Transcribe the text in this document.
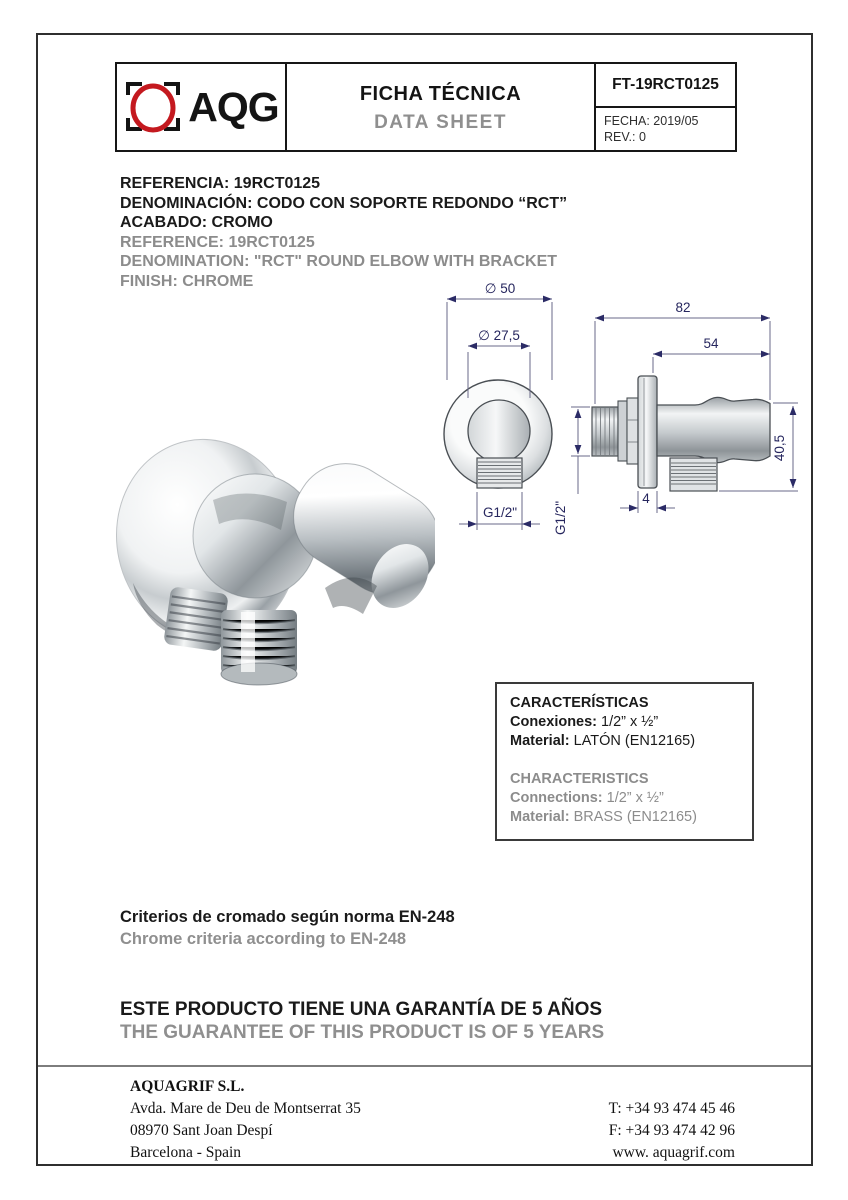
AQG	FICHA TÉCNICA
DATA SHEET
FT-19RCT0125
FECHA: 2019/05
REV.: 0
REFERENCIA: 19RCT0125
DENOMINACIÓN: CODO CON SOPORTE REDONDO “RCT”
ACABADO: CROMO
REFERENCE: 19RCT0125
DENOMINATION: "RCT" ROUND ELBOW WITH BRACKET
FINISH: CHROME	∅ 50
∅ 27,5
G1/2"
82
54
40,5
4
G1/2"
CARACTERÍSTICAS
Conexiones: 1/2” x ½”
Material: LATÓN (EN12165)
CHARACTERISTICS
Connections: 1/2” x ½”
Material: BRASS (EN12165)
Criterios de cromado según norma EN-248
Chrome criteria according to EN-248
ESTE PRODUCTO TIENE UNA GARANTÍA DE 5 AÑOS
THE GUARANTEE OF THIS PRODUCT IS OF 5 YEARS
AQUAGRIF S.L.
Avda. Mare de Deu de Montserrat 35
08970 Sant Joan Despí
Barcelona - Spain
T: +34 93 474 45 46
F: +34 93 474 42 96
www. aquagrif.com
